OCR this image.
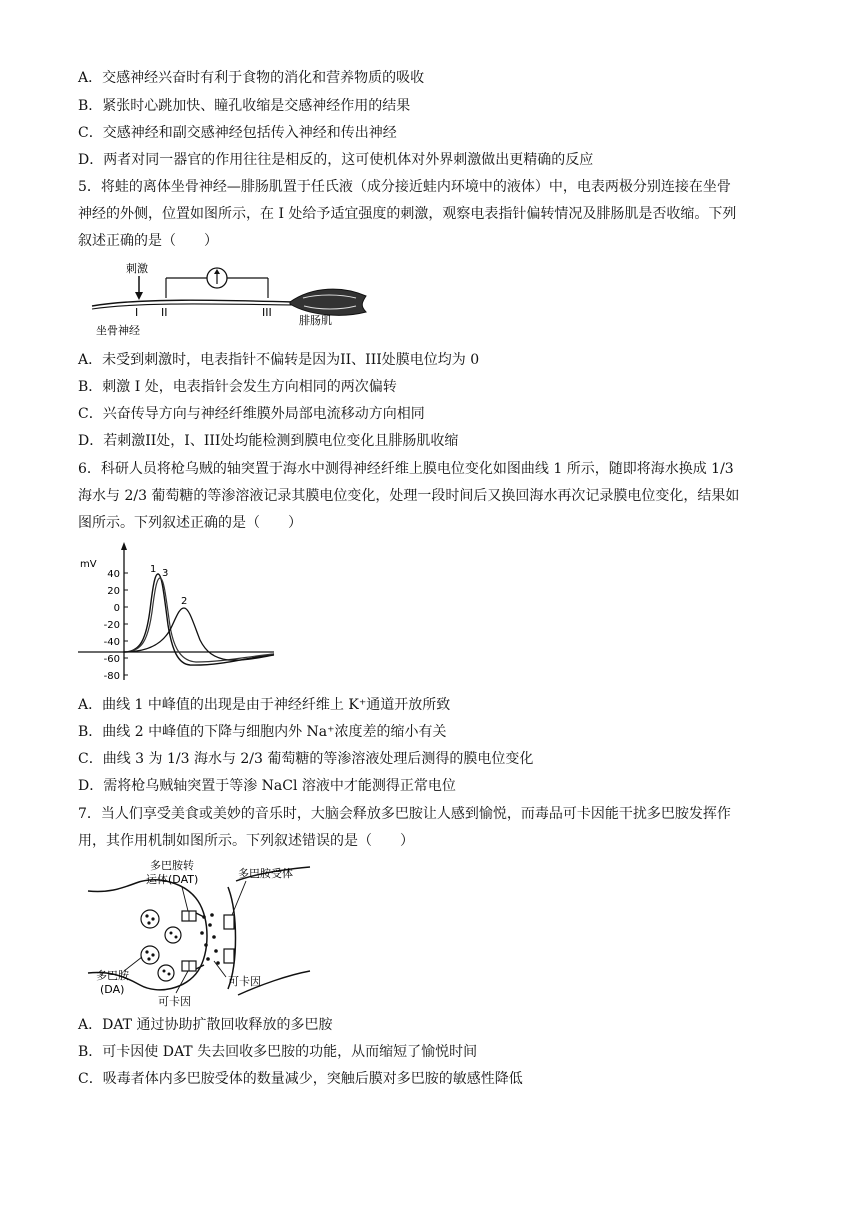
A．交感神经兴奋时有利于食物的消化和营养物质的吸收
B．紧张时心跳加快、瞳孔收缩是交感神经作用的结果
C．交感神经和副交感神经包括传入神经和传出神经
D．两者对同一器官的作用往往是相反的，这可使机体对外界刺激做出更精确的反应
5．将蛙的离体坐骨神经—腓肠肌置于任氏液（成分接近蛙内环境中的液体）中，电表两极分别连接在坐骨
神经的外侧，位置如图所示，在 I 处给予适宜强度的刺激，观察电表指针偏转情况及腓肠肌是否收缩。下列
叙述正确的是（　　）
刺激
I II	III
坐骨神经
腓肠肌
A．未受到刺激时，电表指针不偏转是因为II、III处膜电位均为 0
B．刺激 I 处，电表指针会发生方向相同的两次偏转
C．兴奋传导方向与神经纤维膜外局部电流移动方向相同
D．若刺激II处，I、III处均能检测到膜电位变化且腓肠肌收缩
6．科研人员将枪乌贼的轴突置于海水中测得神经纤维上膜电位变化如图曲线 1 所示，随即将海水换成 1/3
海水与 2/3 葡萄糖的等渗溶液记录其膜电位变化，处理一段时间后又换回海水再次记录膜电位变化，结果如
图所示。下列叙述正确的是（　　）
mV
40
20
0
-20
-40
-60
-80
1 3
2
A．曲线 1 中峰值的出现是由于神经纤维上 K⁺通道开放所致
B．曲线 2 中峰值的下降与细胞内外 Na⁺浓度差的缩小有关
C．曲线 3 为 1/3 海水与 2/3 葡萄糖的等渗溶液处理后测得的膜电位变化
D．需将枪乌贼轴突置于等渗 NaCl 溶液中才能测得正常电位
7．当人们享受美食或美妙的音乐时，大脑会释放多巴胺让人感到愉悦，而毒品可卡因能干扰多巴胺发挥作
用，其作用机制如图所示。下列叙述错误的是（　　）
多巴胺转
运体(DAT)	多巴胺受体
多巴胺
(DA)
可卡因
可卡因
A．DAT 通过协助扩散回收释放的多巴胺
B．可卡因使 DAT 失去回收多巴胺的功能，从而缩短了愉悦时间
C．吸毒者体内多巴胺受体的数量减少，突触后膜对多巴胺的敏感性降低
